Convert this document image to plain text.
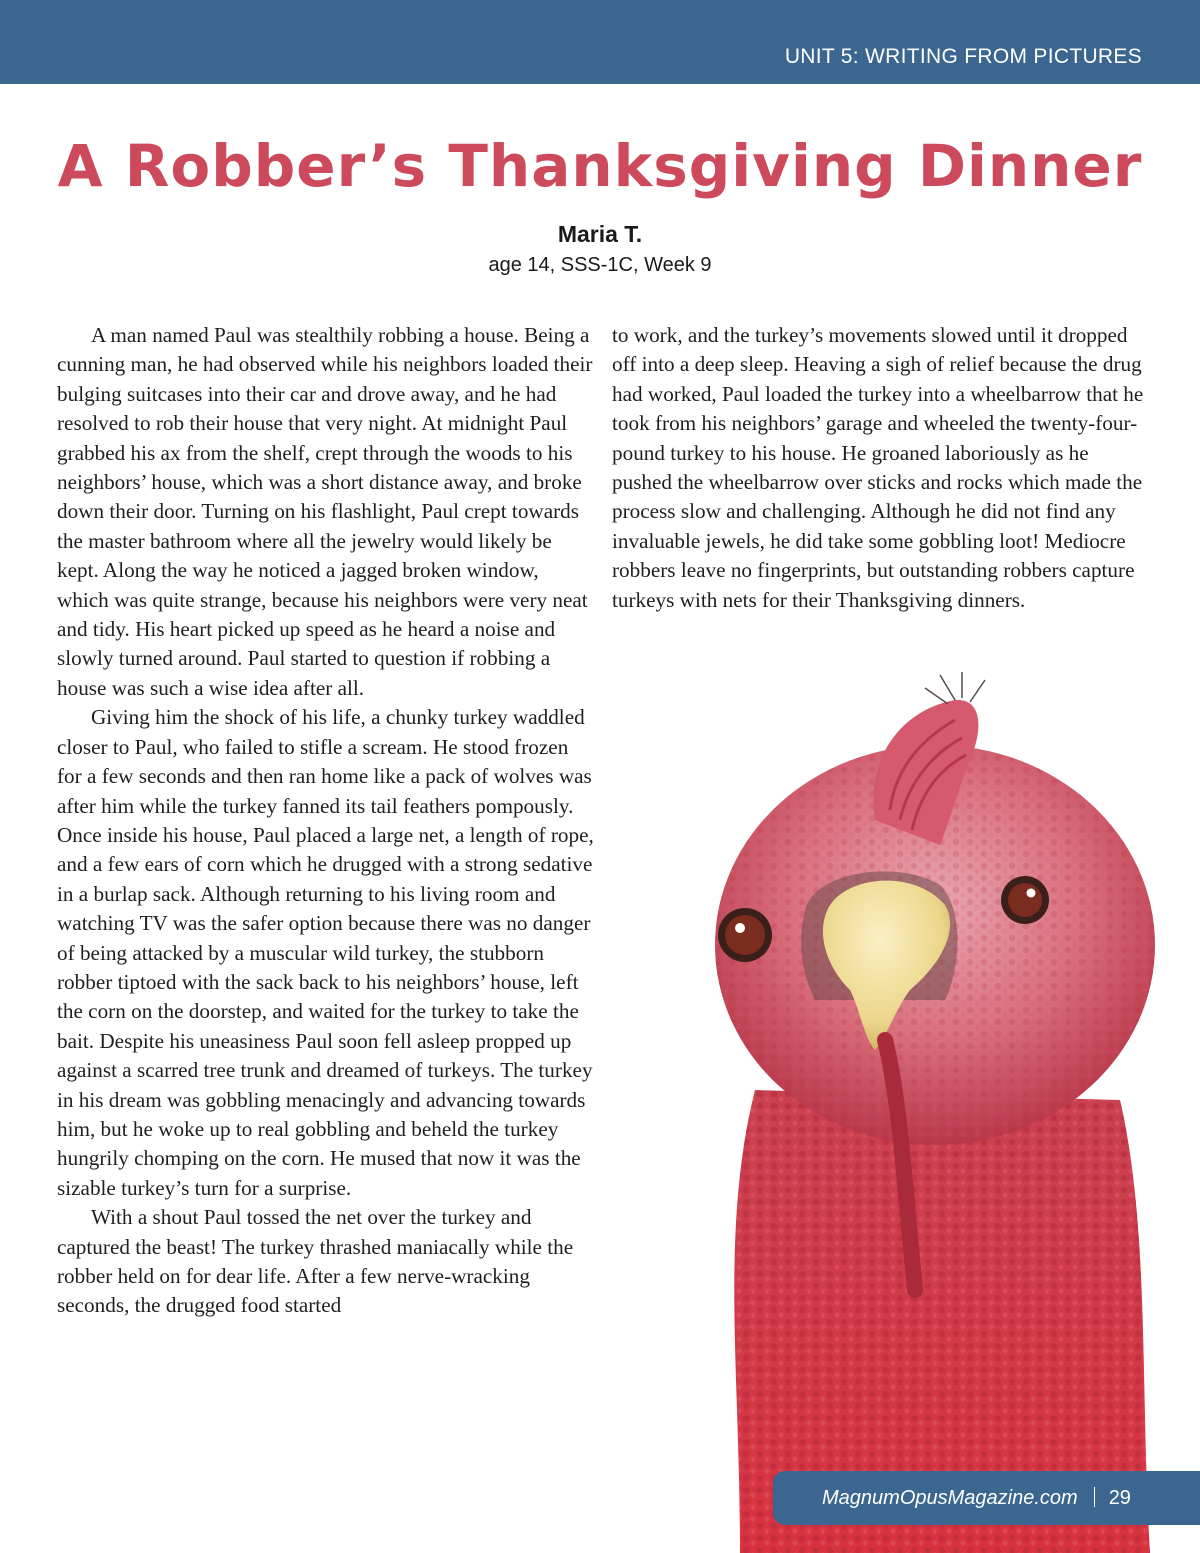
UNIT 5: WRITING FROM PICTURES
A Robber’s Thanksgiving Dinner
Maria T.
age 14, SSS-1C, Week 9

A man named Paul was stealthily robbing a house. Being a cunning man, he had observed while his neighbors loaded their bulging suitcases into their car and drove away, and he had resolved to rob their house that very night. At midnight Paul grabbed his ax from the shelf, crept through the woods to his neighbors’ house, which was a short distance away, and broke down their door. Turning on his flashlight, Paul crept towards the master bathroom where all the jewelry would likely be kept. Along the way he noticed a jagged broken window, which was quite strange, because his neighbors were very neat and tidy. His heart picked up speed as he heard a noise and slowly turned around. Paul started to question if robbing a house was such a wise idea after all.

Giving him the shock of his life, a chunky turkey waddled closer to Paul, who failed to stifle a scream. He stood frozen for a few seconds and then ran home like a pack of wolves was after him while the turkey fanned its tail feathers pompously. Once inside his house, Paul placed a large net, a length of rope, and a few ears of corn which he drugged with a strong sedative in a burlap sack. Although returning to his living room and watching TV was the safer option because there was no danger of being attacked by a muscular wild turkey, the stubborn robber tiptoed with the sack back to his neighbors’ house, left the corn on the doorstep, and waited for the turkey to take the bait. Despite his uneasiness Paul soon fell asleep propped up against a scarred tree trunk and dreamed of turkeys. The turkey in his dream was gobbling menacingly and advancing towards him, but he woke up to real gobbling and beheld the turkey hungrily chomping on the corn. He mused that now it was the sizable turkey’s turn for a surprise.

With a shout Paul tossed the net over the turkey and captured the beast! The turkey thrashed maniacally while the robber held on for dear life. After a few nerve-wracking seconds, the drugged food started

to work, and the turkey’s movements slowed until it dropped off into a deep sleep. Heaving a sigh of relief because the drug had worked, Paul loaded the turkey into a wheelbarrow that he took from his neighbors’ garage and wheeled the twenty-four-pound turkey to his house. He groaned laboriously as he pushed the wheelbarrow over sticks and rocks which made the process slow and challenging. Although he did not find any invaluable jewels, he did take some gobbling loot! Mediocre robbers leave no fingerprints, but outstanding robbers capture turkeys with nets for their Thanksgiving dinners.

MagnumOpusMagazine.com 29
